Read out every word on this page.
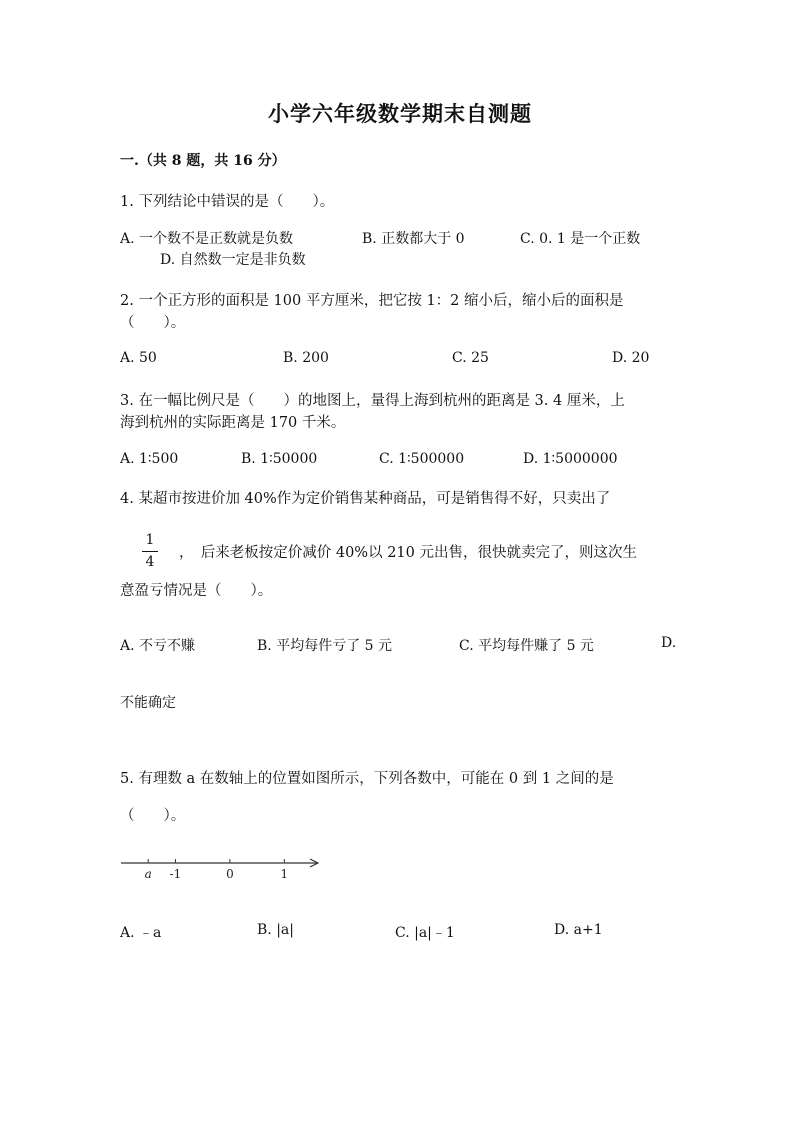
小学六年级数学期末自测题
一.（共 8 题，共 16 分）
1. 下列结论中错误的是（　　）。
A. 一个数不是正数就是负数	B. 正数都大于 0	C. 0. 1 是一个正数
D. 自然数一定是非负数
2. 一个正方形的面积是 100 平方厘米，把它按 1：2 缩小后，缩小后的面积是
（　　）。
A. 50	B. 200	C. 25	D. 20
3. 在一幅比例尺是（　　）的地图上，量得上海到杭州的距离是 3. 4 厘米，上
海到杭州的实际距离是 170 千米。
A. 1∶500	B. 1∶50000	C. 1∶500000	D. 1∶5000000
4. 某超市按进价加 40%作为定价销售某种商品，可是销售得不好，只卖出了
1
4
，　后来老板按定价减价 40%以 210 元出售，很快就卖完了，则这次生
意盈亏情况是（　　）。
A. 不亏不赚	B. 平均每件亏了 5 元	C. 平均每件赚了 5 元	D.
不能确定
5. 有理数 a 在数轴上的位置如图所示，下列各数中，可能在 0 到 1 之间的是
（　　）。
a -1	0	1
A. ﹣a	B. |a|	C. |a|﹣1	D. a+1
